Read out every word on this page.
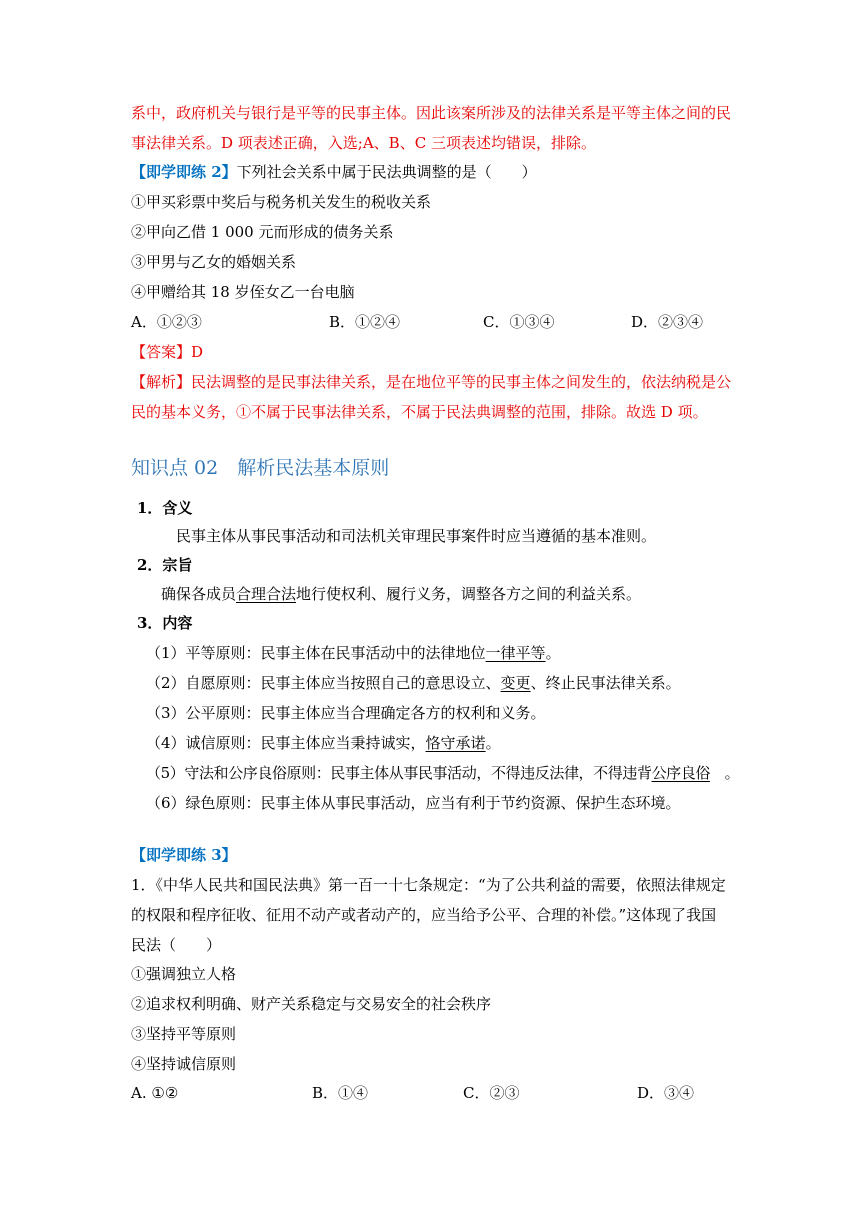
系中，政府机关与银行是平等的民事主体。因此该案所涉及的法律关系是平等主体之间的民
事法律关系。D 项表述正确，入选;A、B、C 三项表述均错误，排除。
【即学即练 2】下列社会关系中属于民法典调整的是（　　）
①甲买彩票中奖后与税务机关发生的税收关系
②甲向乙借 1 000 元而形成的债务关系
③甲男与乙女的婚姻关系
④甲赠给其 18 岁侄女乙一台电脑
A．①②③	B．①②④	C．①③④	D．②③④
【答案】D
【解析】民法调整的是民事法律关系，是在地位平等的民事主体之间发生的，依法纳税是公
民的基本义务，①不属于民事法律关系，不属于民法典调整的范围，排除。故选 D 项。
知识点 02　解析民法基本原则
1．含义
民事主体从事民事活动和司法机关审理民事案件时应当遵循的基本准则。
2．宗旨
确保各成员合理合法地行使权利、履行义务，调整各方之间的利益关系。
3．内容
（1）平等原则：民事主体在民事活动中的法律地位一律平等。
（2）自愿原则：民事主体应当按照自己的意思设立、变更、终止民事法律关系。
（3）公平原则：民事主体应当合理确定各方的权利和义务。
（4）诚信原则：民事主体应当秉持诚实，恪守承诺。
（5）守法和公序良俗原则：民事主体从事民事活动，不得违反法律，不得违背公序良俗　。
（6）绿色原则：民事主体从事民事活动，应当有利于节约资源、保护生态环境。
【即学即练 3】
1．《中华人民共和国民法典》第一百一十七条规定：“为了公共利益的需要，依照法律规定
的权限和程序征收、征用不动产或者动产的，应当给予公平、合理的补偿。”这体现了我国
民法（　　）
①强调独立人格
②追求权利明确、财产关系稳定与交易安全的社会秩序
③坚持平等原则
④坚持诚信原则
A. ①②	B．①④	C．②③	D．③④
